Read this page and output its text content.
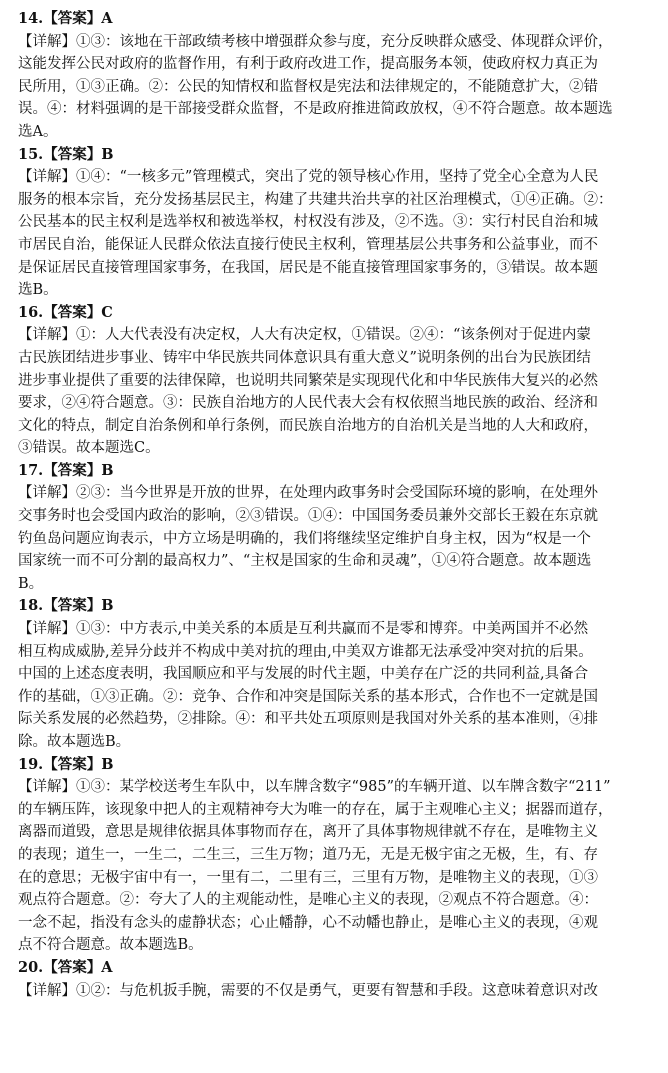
14.【答案】A
【详解】①③：该地在干部政绩考核中增强群众参与度，充分反映群众感受、体现群众评价，
这能发挥公民对政府的监督作用，有利于政府改进工作，提高服务本领，使政府权力真正为
民所用，①③正确。②：公民的知情权和监督权是宪法和法律规定的，不能随意扩大，②错
误。④：材料强调的是干部接受群众监督，不是政府推进简政放权，④不符合题意。故本题选
选A。
15.【答案】B
【详解】①④：“一核多元”管理模式，突出了党的领导核心作用，坚持了党全心全意为人民
服务的根本宗旨，充分发扬基层民主，构建了共建共治共享的社区治理模式，①④正确。②：
公民基本的民主权利是选举权和被选举权，村权没有涉及，②不选。③：实行村民自治和城
市居民自治，能保证人民群众依法直接行使民主权利，管理基层公共事务和公益事业，而不
是保证居民直接管理国家事务，在我国，居民是不能直接管理国家事务的，③错误。故本题
选B。
16.【答案】C
【详解】①：人大代表没有决定权，人大有决定权，①错误。②④：“该条例对于促进内蒙
古民族团结进步事业、铸牢中华民族共同体意识具有重大意义”说明条例的出台为民族团结
进步事业提供了重要的法律保障，也说明共同繁荣是实现现代化和中华民族伟大复兴的必然
要求，②④符合题意。③：民族自治地方的人民代表大会有权依照当地民族的政治、经济和
文化的特点，制定自治条例和单行条例，而民族自治地方的自治机关是当地的人大和政府，
③错误。故本题选C。
17.【答案】B
【详解】②③：当今世界是开放的世界，在处理内政事务时会受国际环境的影响，在处理外
交事务时也会受国内政治的影响，②③错误。①④：中国国务委员兼外交部长王毅在东京就
钓鱼岛问题应询表示，中方立场是明确的，我们将继续坚定维护自身主权，因为“权是一个
国家统一而不可分割的最高权力”、“主权是国家的生命和灵魂”，①④符合题意。故本题选
B。
18.【答案】B
【详解】①③：中方表示,中美关系的本质是互利共赢而不是零和博弈。中美两国并不必然
相互构成威胁,差异分歧并不构成中美对抗的理由,中美双方谁都无法承受冲突对抗的后果。
中国的上述态度表明，我国顺应和平与发展的时代主题，中美存在广泛的共同利益,具备合
作的基础，①③正确。②：竞争、合作和冲突是国际关系的基本形式，合作也不一定就是国
际关系发展的必然趋势，②排除。④：和平共处五项原则是我国对外关系的基本准则，④排
除。故本题选B。
19.【答案】B
【详解】①③：某学校送考生车队中，以车牌含数字“985”的车辆开道、以车牌含数字“211”
的车辆压阵，该现象中把人的主观精神夸大为唯一的存在，属于主观唯心主义；据器而道存，
离器而道毁，意思是规律依据具体事物而存在，离开了具体事物规律就不存在，是唯物主义
的表现；道生一，一生二，二生三，三生万物；道乃无，无是无极宇宙之无极，生，有、存
在的意思；无极宇宙中有一，一里有二，二里有三，三里有万物，是唯物主义的表现，①③
观点符合题意。②：夸大了人的主观能动性，是唯心主义的表现，②观点不符合题意。④：
一念不起，指没有念头的虚静状态；心止幡静，心不动幡也静止，是唯心主义的表现，④观
点不符合题意。故本题选B。
20.【答案】A
【详解】①②：与危机扳手腕，需要的不仅是勇气，更要有智慧和手段。这意味着意识对改
